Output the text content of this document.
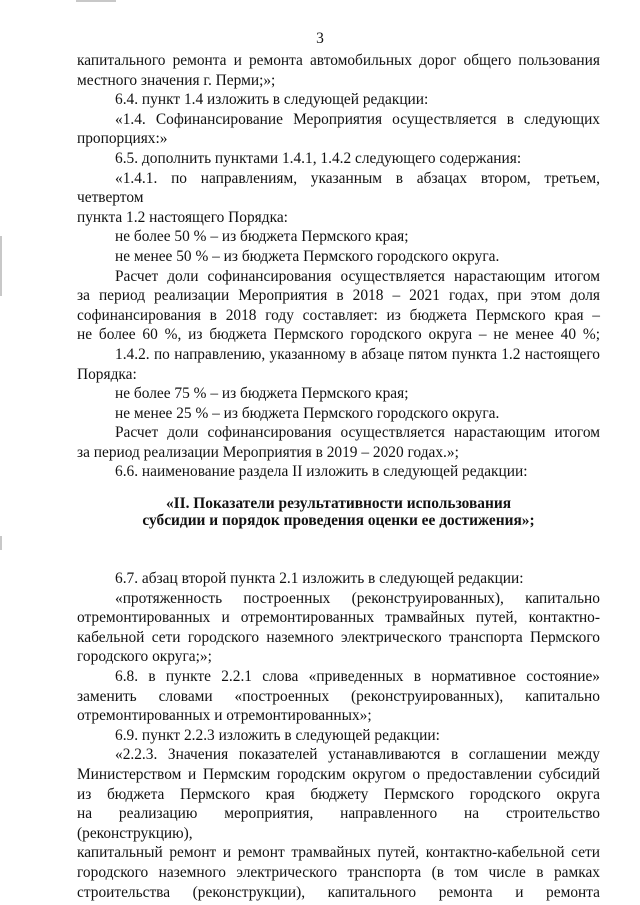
3

капитального ремонта и ремонта автомобильных дорог общего пользования

местного значения г. Перми;»;

6.4. пункт 1.4 изложить в следующей редакции:

«1.4. Софинансирование Мероприятия осуществляется в следующих

пропорциях:»

6.5. дополнить пунктами 1.4.1, 1.4.2 следующего содержания:

«1.4.1. по направлениям, указанным в абзацах втором, третьем, четвертом

пункта 1.2 настоящего Порядка:

не более 50 % – из бюджета Пермского края;

не менее 50 % – из бюджета Пермского городского округа.

Расчет доли софинансирования осуществляется нарастающим итогом

за период реализации Мероприятия в 2018 – 2021 годах, при этом доля

софинансирования в 2018 году составляет: из бюджета Пермского края –

не более 60 %, из бюджета Пермского городского округа – не менее 40 %;

1.4.2. по направлению, указанному в абзаце пятом пункта 1.2 настоящего

Порядка:

не более 75 % – из бюджета Пермского края;

не менее 25 % – из бюджета Пермского городского округа.

Расчет доли софинансирования осуществляется нарастающим итогом

за период реализации Мероприятия в 2019 – 2020 годах.»;

6.6. наименование раздела II изложить в следующей редакции:

«II. Показатели результативности использования
субсидии и порядок проведения оценки ее достижения»;

6.7. абзац второй пункта 2.1 изложить в следующей редакции:

«протяженность построенных (реконструированных), капитально

отремонтированных и отремонтированных трамвайных путей, контактно-

кабельной сети городского наземного электрического транспорта Пермского

городского округа;»;

6.8. в пункте 2.2.1 слова «приведенных в нормативное состояние»

заменить словами «построенных (реконструированных), капитально

отремонтированных и отремонтированных»;

6.9. пункт 2.2.3 изложить в следующей редакции:

«2.2.3. Значения показателей устанавливаются в соглашении между

Министерством и Пермским городским округом о предоставлении субсидий

из бюджета Пермского края бюджету Пермского городского округа

на реализацию мероприятия, направленного на строительство (реконструкцию),

капитальный ремонт и ремонт трамвайных путей, контактно-кабельной сети

городского наземного электрического транспорта (в том числе в рамках

строительства (реконструкции), капитального ремонта и ремонта
